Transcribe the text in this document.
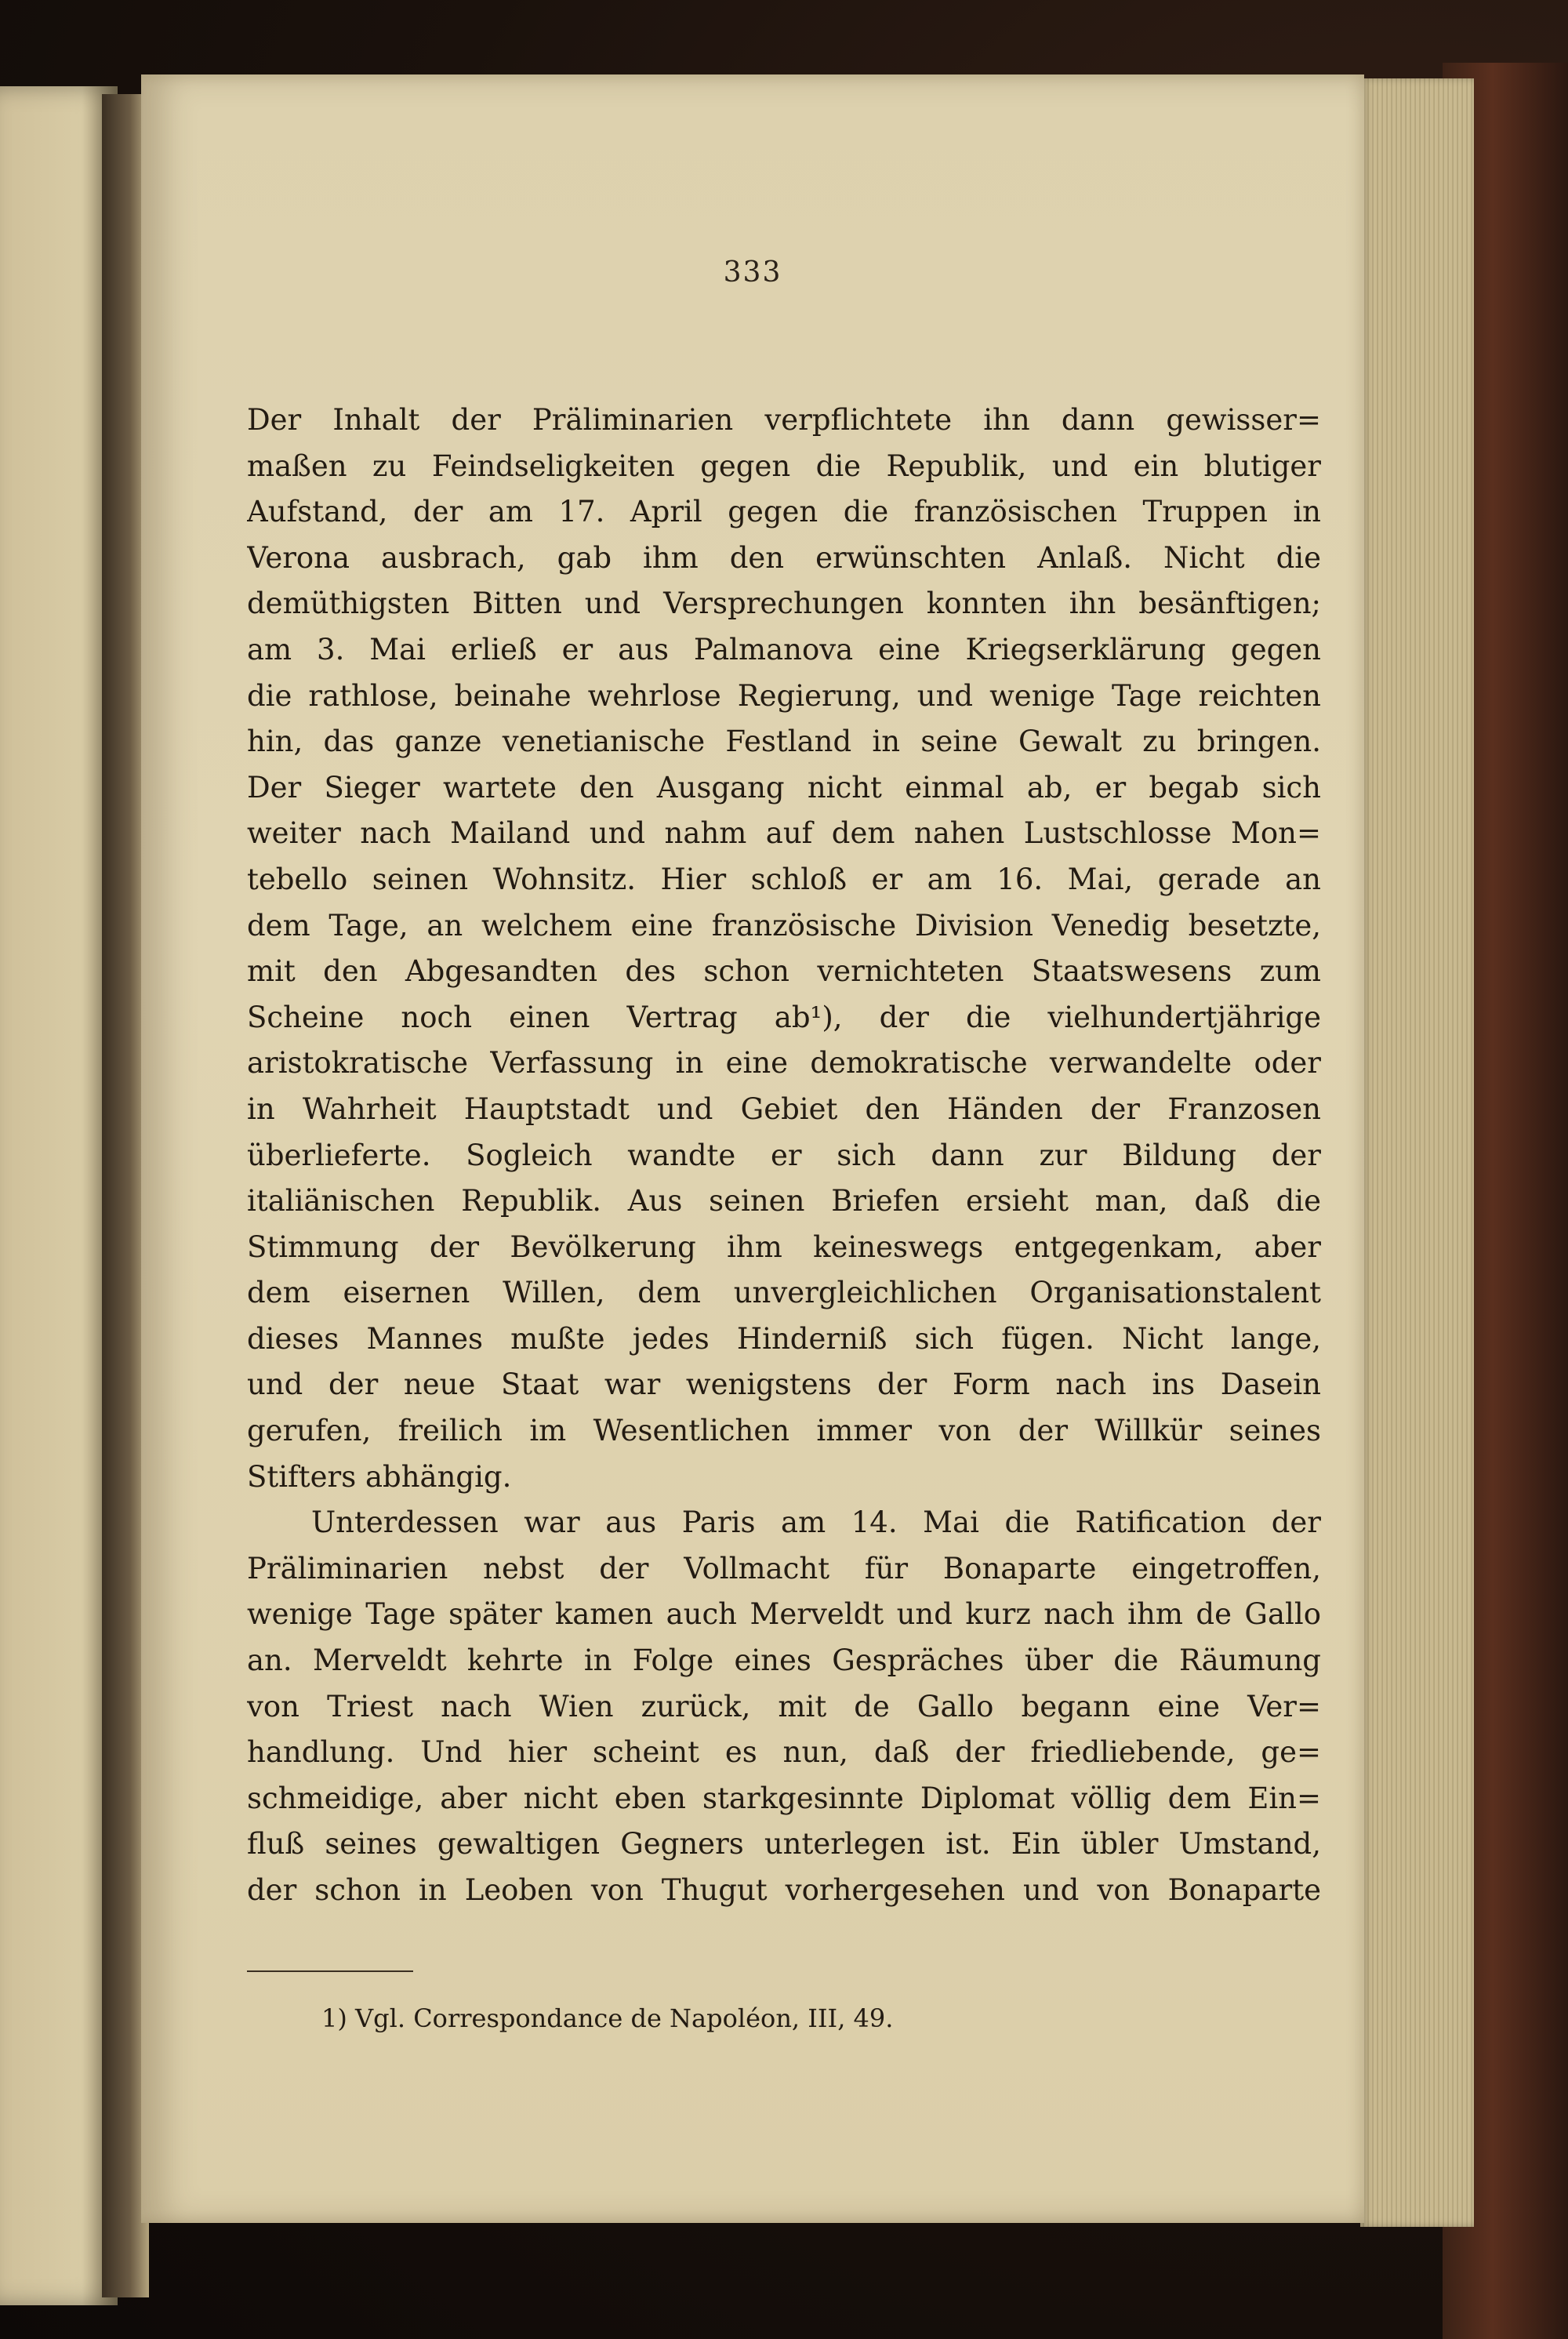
333
Der Inhalt der Präliminarien verpflichtete ihn dann gewisser=
maßen zu Feindseligkeiten gegen die Republik, und ein blutiger
Aufstand, der am 17. April gegen die französischen Truppen in
Verona ausbrach, gab ihm den erwünschten Anlaß. Nicht die
demüthigsten Bitten und Versprechungen konnten ihn besänftigen;
am 3. Mai erließ er aus Palmanova eine Kriegserklärung gegen
die rathlose, beinahe wehrlose Regierung, und wenige Tage reichten
hin, das ganze venetianische Festland in seine Gewalt zu bringen.
Der Sieger wartete den Ausgang nicht einmal ab, er begab sich
weiter nach Mailand und nahm auf dem nahen Lustschlosse Mon=
tebello seinen Wohnsitz. Hier schloß er am 16. Mai, gerade an
dem Tage, an welchem eine französische Division Venedig besetzte,
mit den Abgesandten des schon vernichteten Staatswesens zum
Scheine noch einen Vertrag ab¹), der die vielhundertjährige
aristokratische Verfassung in eine demokratische verwandelte oder
in Wahrheit Hauptstadt und Gebiet den Händen der Franzosen
überlieferte. Sogleich wandte er sich dann zur Bildung der
italiänischen Republik. Aus seinen Briefen ersieht man, daß die
Stimmung der Bevölkerung ihm keineswegs entgegenkam, aber
dem eisernen Willen, dem unvergleichlichen Organisationstalent
dieses Mannes mußte jedes Hinderniß sich fügen. Nicht lange,
und der neue Staat war wenigstens der Form nach ins Dasein
gerufen, freilich im Wesentlichen immer von der Willkür seines
Stifters abhängig.
Unterdessen war aus Paris am 14. Mai die Ratification der
Präliminarien nebst der Vollmacht für Bonaparte eingetroffen,
wenige Tage später kamen auch Merveldt und kurz nach ihm de Gallo
an. Merveldt kehrte in Folge eines Gespräches über die Räumung
von Triest nach Wien zurück, mit de Gallo begann eine Ver=
handlung. Und hier scheint es nun, daß der friedliebende, ge=
schmeidige, aber nicht eben starkgesinnte Diplomat völlig dem Ein=
fluß seines gewaltigen Gegners unterlegen ist. Ein übler Umstand,
der schon in Leoben von Thugut vorhergesehen und von Bonaparte
1) Vgl. Correspondance de Napoléon, III, 49.
